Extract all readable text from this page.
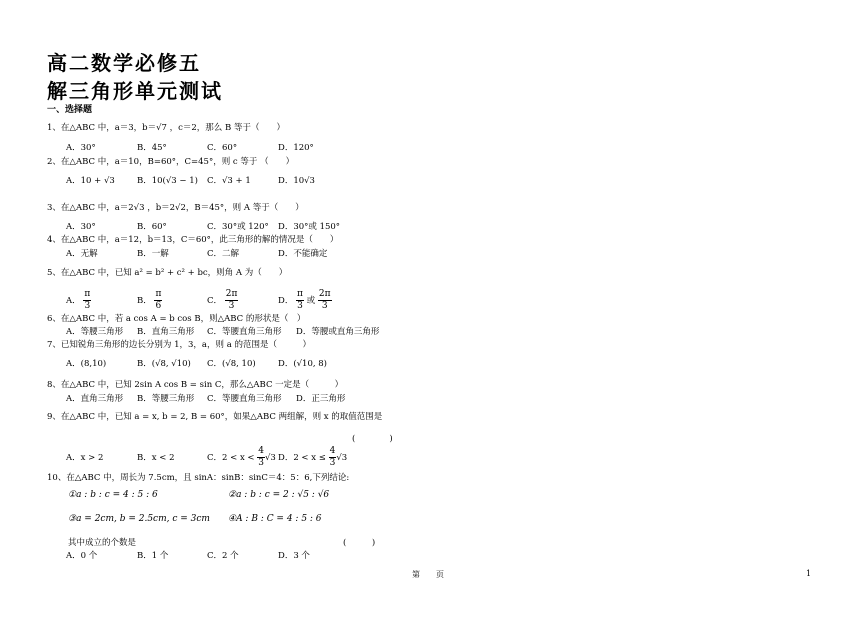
高二数学必修五
解三角形单元测试
一、选择题
1、在△ABC 中，a＝3，b＝√7 ，c＝2，那么 B 等于（　　）
A．30°	B．45°	C．60°	D．120°
2、在△ABC 中，a＝10，B=60°，C=45°，则 c 等于 （　　）
A．10 + √3	B．10(√3 − 1) C．√3 + 1	D．10√3
3、在△ABC 中，a＝2√3 ，b＝2√2，B＝45°，则 A 等于（　　）
A．30°	B．60°	C．30°或 120° D．30°或 150°
4、在△ABC 中，a＝12，b＝13，C＝60°，此三角形的解的情况是（　　）
A．无解	B．一解	C．二解	D．不能确定
5、在△ABC 中，已知 a² = b² + c² + bc，则角 A 为（　　）
A． $\frac{\pi}{3}$	B． $\frac{\pi}{6}$	C． $\frac{2\pi}{3}$	D． $\frac{\pi}{3}$ 或 $\frac{2\pi}{3}$
6、在△ABC 中，若 a cos A = b cos B，则△ABC 的形状是（　）
A．等腰三角形 B．直角三角形 C．等腰直角三角形 D．等腰或直角三角形
7、已知锐角三角形的边长分别为 1，3，a，则 a 的范围是（　　　）
A．(8,10)	B．(√8, √10) C．(√8, 10)	D．(√10, 8)
8、在△ABC 中，已知 2sin A cos B = sin C，那么△ABC 一定是（　　　）
A．直角三角形 B．等腰三角形 C．等腰直角三角形 D．正三角形
9、在△ABC 中，已知 a = x, b = 2, B = 60°，如果△ABC 两组解，则 x 的取值范围是
(　　　　)
A．x > 2	B．x < 2	C．$2 < x < \frac{4}{3} √3$ D．$2 < x \le \frac{4}{3} √3$
10、在△ABC 中，周长为 7.5cm，且 sinA：sinB：sinC＝4：5：6,下列结论:
①a : b : c = 4 : 5 : 6	②a : b : c = 2 : √5 : √6
③a = 2cm, b = 2.5cm, c = 3cm ④A : B : C = 4 : 5 : 6
其中成立的个数是	(　　　)
A．0 个	B．1 个	C．2 个	D．3 个
第　　页	1
